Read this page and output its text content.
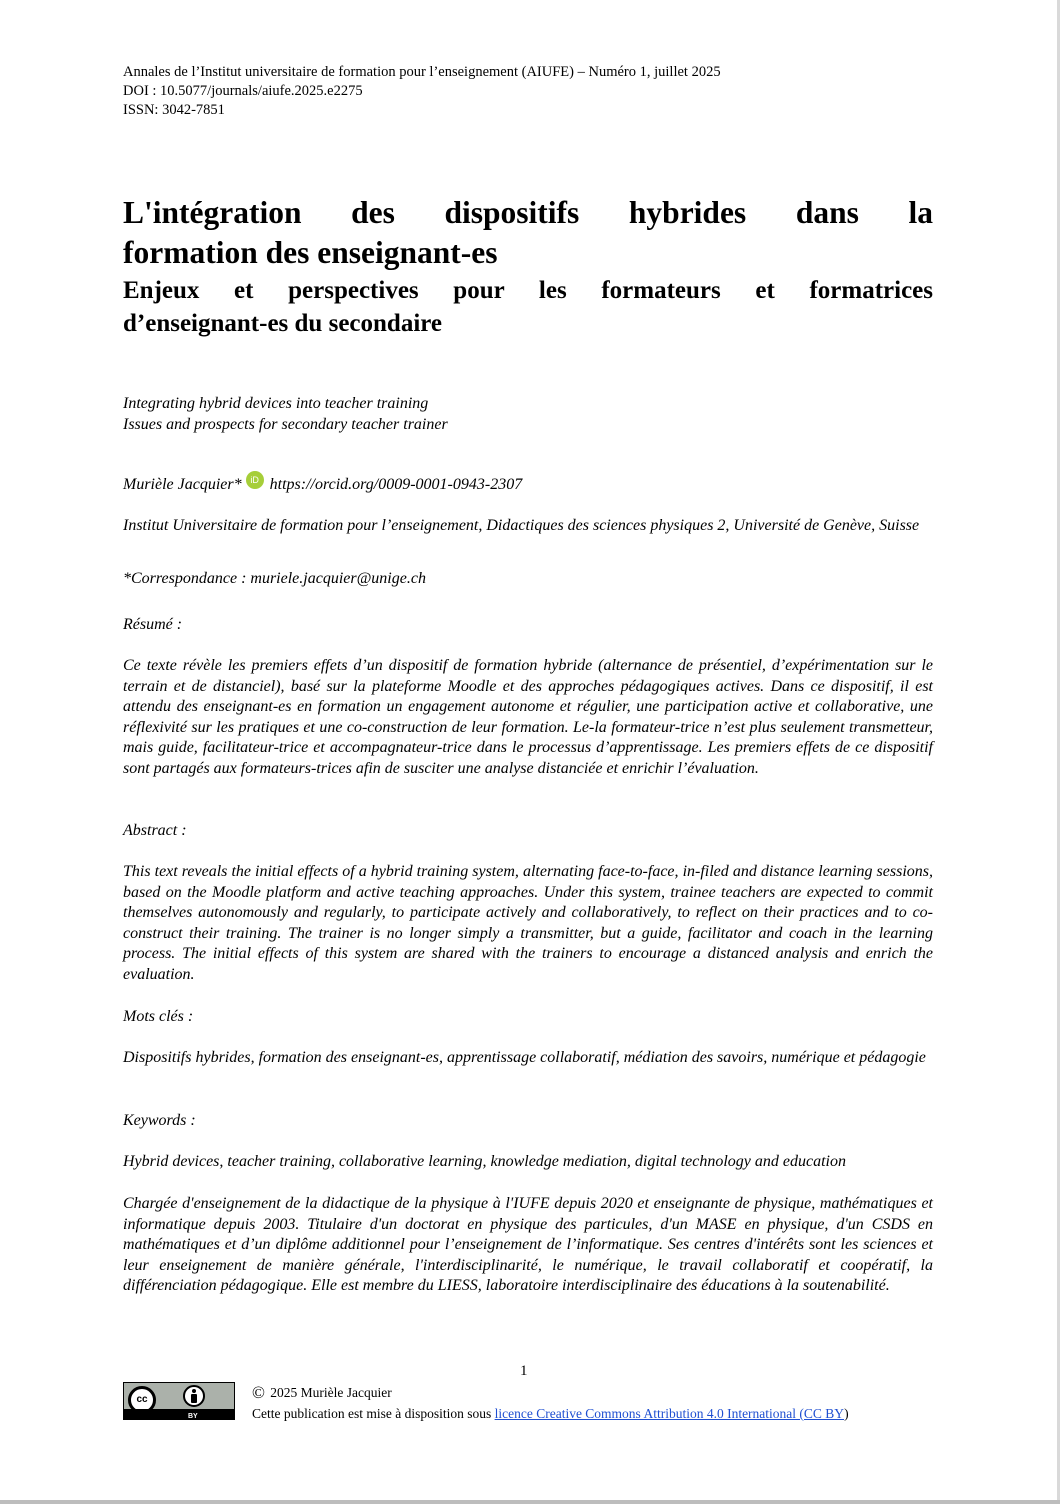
Annales de l’Institut universitaire de formation pour l’enseignement (AIUFE) – Numéro 1, juillet 2025
DOI : 10.5077/journals/aiufe.2025.e2275
ISSN: 3042-7851
L'intégration des dispositifs hybrides dans la
formation des enseignant-es
Enjeux et perspectives pour les formateurs et formatrices
d’enseignant-es du secondaire
Integrating hybrid devices into teacher training
Issues and prospects for secondary teacher trainer
Murièle Jacquier* iD https://orcid.org/0009-0001-0943-2307
Institut Universitaire de formation pour l’enseignement, Didactiques des sciences physiques 2, Université de Genève, Suisse
*Correspondance : muriele.jacquier@unige.ch
Résumé :
Ce texte révèle les premiers effets d’un dispositif de formation hybride (alternance de présentiel, d’expérimentation sur le terrain et de distanciel), basé sur la plateforme Moodle et des approches pédagogiques actives. Dans ce dispositif, il est attendu des enseignant-es en formation un engagement autonome et régulier, une participation active et collaborative, une réflexivité sur les pratiques et une co-construction de leur formation. Le-la formateur-trice n’est plus seulement transmetteur, mais guide, facilitateur-trice et accompagnateur-trice dans le processus d’apprentissage. Les premiers effets de ce dispositif sont partagés aux formateurs-trices afin de susciter une analyse distanciée et enrichir l’évaluation.
Abstract :
This text reveals the initial effects of a hybrid training system, alternating face-to-face, in-filed and distance learning sessions, based on the Moodle platform and active teaching approaches. Under this system, trainee teachers are expected to commit themselves autonomously and regularly, to participate actively and collaboratively, to reflect on their practices and to co-construct their training. The trainer is no longer simply a transmitter, but a guide, facilitator and coach in the learning process. The initial effects of this system are shared with the trainers to encourage a distanced analysis and enrich the evaluation.
Mots clés :
Dispositifs hybrides, formation des enseignant-es, apprentissage collaboratif, médiation des savoirs, numérique et pédagogie
Keywords :
Hybrid devices, teacher training, collaborative learning, knowledge mediation, digital technology and education
Chargée d'enseignement de la didactique de la physique à l'IUFE depuis 2020 et enseignante de physique, mathématiques et informatique depuis 2003. Titulaire d'un doctorat en physique des particules, d'un MASE en physique, d'un CSDS en mathématiques et d’un diplôme additionnel pour l’enseignement de l’informatique. Ses centres d'intérêts sont les sciences et leur enseignement de manière générale, l'interdisciplinarité, le numérique, le travail collaboratif et coopératif, la différenciation pédagogique. Elle est membre du LIESS, laboratoire interdisciplinaire des éducations à la soutenabilité.
1
cc
BY
© 2025 Murièle Jacquier
Cette publication est mise à disposition sous licence Creative Commons Attribution 4.0 International (CC BY)
